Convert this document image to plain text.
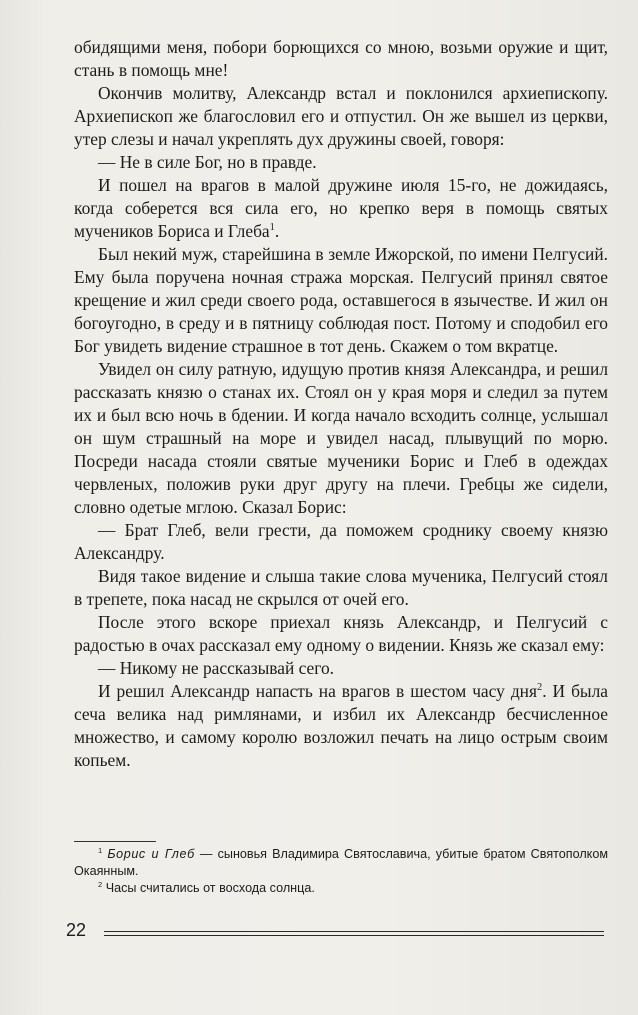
обидящими меня, побори борющихся со мною, возьми оружие и щит, стань в помощь мне!

Окончив молитву, Александр встал и поклонился архиепископу. Архиепископ же благословил его и отпустил. Он же вышел из церкви, утер слезы и начал укреплять дух дружины своей, говоря:

— Не в силе Бог, но в правде.

И пошел на врагов в малой дружине июля 15-го, не дожидаясь, когда соберется вся сила его, но крепко веря в помощь святых мучеников Бориса и Глеба$^1$.

Был некий муж, старейшина в земле Ижорской, по имени Пелгусий. Ему была поручена ночная стража морская. Пелгусий принял святое крещение и жил среди своего рода, оставшегося в язычестве. И жил он богоугодно, в среду и в пятницу соблюдая пост. Потому и сподобил его Бог увидеть видение страшное в тот день. Скажем о том вкратце.

Увидел он силу ратную, идущую против князя Александра, и решил рассказать князю о станах их. Стоял он у края моря и следил за путем их и был всю ночь в бдении. И когда начало всходить солнце, услышал он шум страшный на море и увидел насад, плывущий по морю. Посреди насада стояли святые мученики Борис и Глеб в одеждах червленых, положив руки друг другу на плечи. Гребцы же сидели, словно одетые мглою. Сказал Борис:

— Брат Глеб, вели грести, да поможем сроднику своему князю Александру.

Видя такое видение и слыша такие слова мученика, Пелгусий стоял в трепете, пока насад не скрылся от очей его.

После этого вскоре приехал князь Александр, и Пелгусий с радостью в очах рассказал ему одному о видении. Князь же сказал ему:

— Никому не рассказывай сего.

И решил Александр напасть на врагов в шестом часу дня$^2$. И была сеча велика над римлянами, и избил их Александр бесчисленное множество, и самому королю возложил печать на лицо острым своим копьем.

$^1$ Борис и Глеб — сыновья Владимира Святославича, убитые братом Святополком Окаянным.

$^2$ Часы считались от восхода солнца.

22
